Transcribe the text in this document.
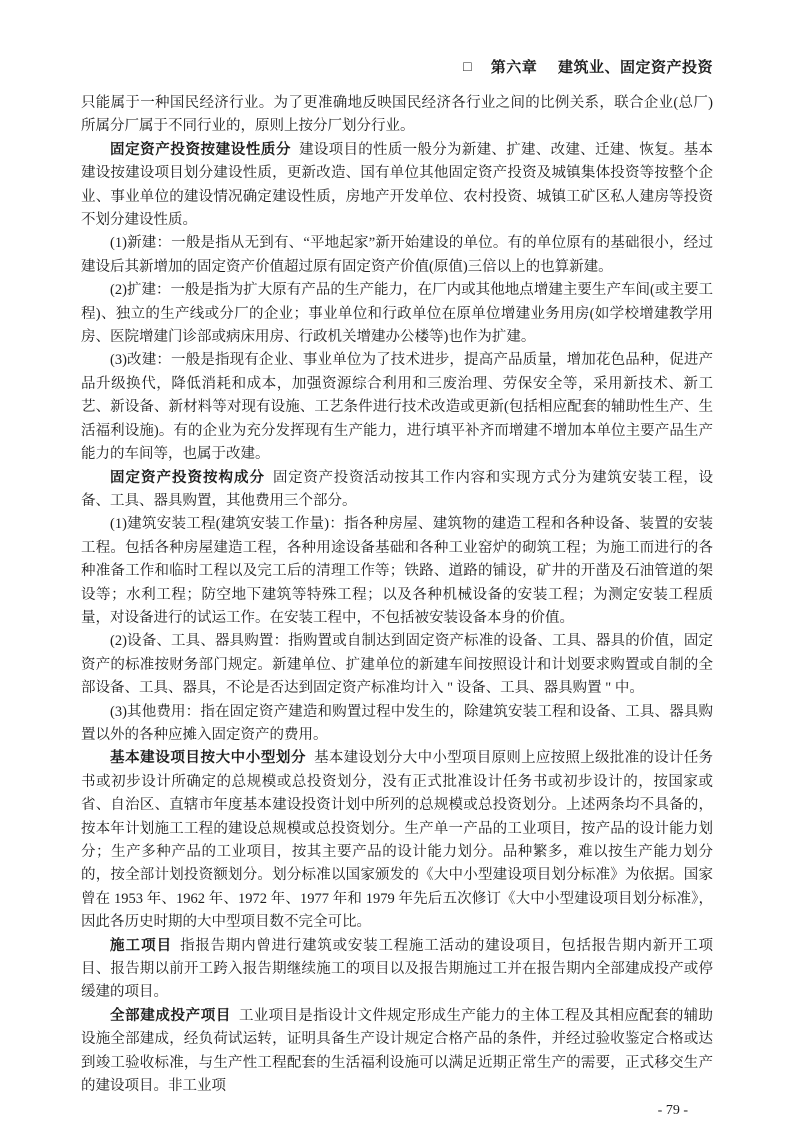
□ 第六章 建筑业、固定资产投资

只能属于一种国民经济行业。为了更准确地反映国民经济各行业之间的比例关系，联合企业(总厂)所属分厂属于不同行业的，原则上按分厂划分行业。

固定资产投资按建设性质分 建设项目的性质一般分为新建、扩建、改建、迁建、恢复。基本建设按建设项目划分建设性质，更新改造、国有单位其他固定资产投资及城镇集体投资等按整个企业、事业单位的建设情况确定建设性质，房地产开发单位、农村投资、城镇工矿区私人建房等投资不划分建设性质。

(1)新建：一般是指从无到有、“平地起家”新开始建设的单位。有的单位原有的基础很小，经过建设后其新增加的固定资产价值超过原有固定资产价值(原值)三倍以上的也算新建。

(2)扩建：一般是指为扩大原有产品的生产能力，在厂内或其他地点增建主要生产车间(或主要工程)、独立的生产线或分厂的企业；事业单位和行政单位在原单位增建业务用房(如学校增建教学用房、医院增建门诊部或病床用房、行政机关增建办公楼等)也作为扩建。

(3)改建：一般是指现有企业、事业单位为了技术进步，提高产品质量，增加花色品种，促进产品升级换代，降低消耗和成本，加强资源综合利用和三废治理、劳保安全等，采用新技术、新工艺、新设备、新材料等对现有设施、工艺条件进行技术改造或更新(包括相应配套的辅助性生产、生活福利设施)。有的企业为充分发挥现有生产能力，进行填平补齐而增建不增加本单位主要产品生产能力的车间等，也属于改建。

固定资产投资按构成分 固定资产投资活动按其工作内容和实现方式分为建筑安装工程，设备、工具、器具购置，其他费用三个部分。

(1)建筑安装工程(建筑安装工作量)：指各种房屋、建筑物的建造工程和各种设备、装置的安装工程。包括各种房屋建造工程，各种用途设备基础和各种工业窑炉的砌筑工程；为施工而进行的各种准备工作和临时工程以及完工后的清理工作等；铁路、道路的铺设，矿井的开凿及石油管道的架设等；水利工程；防空地下建筑等特殊工程；以及各种机械设备的安装工程；为测定安装工程质量，对设备进行的试运工作。在安装工程中，不包括被安装设备本身的价值。

(2)设备、工具、器具购置：指购置或自制达到固定资产标准的设备、工具、器具的价值，固定资产的标准按财务部门规定。新建单位、扩建单位的新建车间按照设计和计划要求购置或自制的全部设备、工具、器具，不论是否达到固定资产标准均计入 " 设备、工具、器具购置 " 中。

(3)其他费用：指在固定资产建造和购置过程中发生的，除建筑安装工程和设备、工具、器具购置以外的各种应摊入固定资产的费用。

基本建设项目按大中小型划分 基本建设划分大中小型项目原则上应按照上级批准的设计任务书或初步设计所确定的总规模或总投资划分，没有正式批准设计任务书或初步设计的，按国家或省、自治区、直辖市年度基本建设投资计划中所列的总规模或总投资划分。上述两条均不具备的，按本年计划施工工程的建设总规模或总投资划分。生产单一产品的工业项目，按产品的设计能力划分；生产多种产品的工业项目，按其主要产品的设计能力划分。品种繁多，难以按生产能力划分的，按全部计划投资额划分。划分标准以国家颁发的《大中小型建设项目划分标准》为依据。国家曾在 1953 年、1962 年、1972 年、1977 年和 1979 年先后五次修订《大中小型建设项目划分标准》，因此各历史时期的大中型项目数不完全可比。

施工项目 指报告期内曾进行建筑或安装工程施工活动的建设项目，包括报告期内新开工项目、报告期以前开工跨入报告期继续施工的项目以及报告期施过工并在报告期内全部建成投产或停缓建的项目。

全部建成投产项目 工业项目是指设计文件规定形成生产能力的主体工程及其相应配套的辅助设施全部建成，经负荷试运转，证明具备生产设计规定合格产品的条件，并经过验收鉴定合格或达到竣工验收标准，与生产性工程配套的生活福利设施可以满足近期正常生产的需要，正式移交生产的建设项目。非工业项

- 79 -
